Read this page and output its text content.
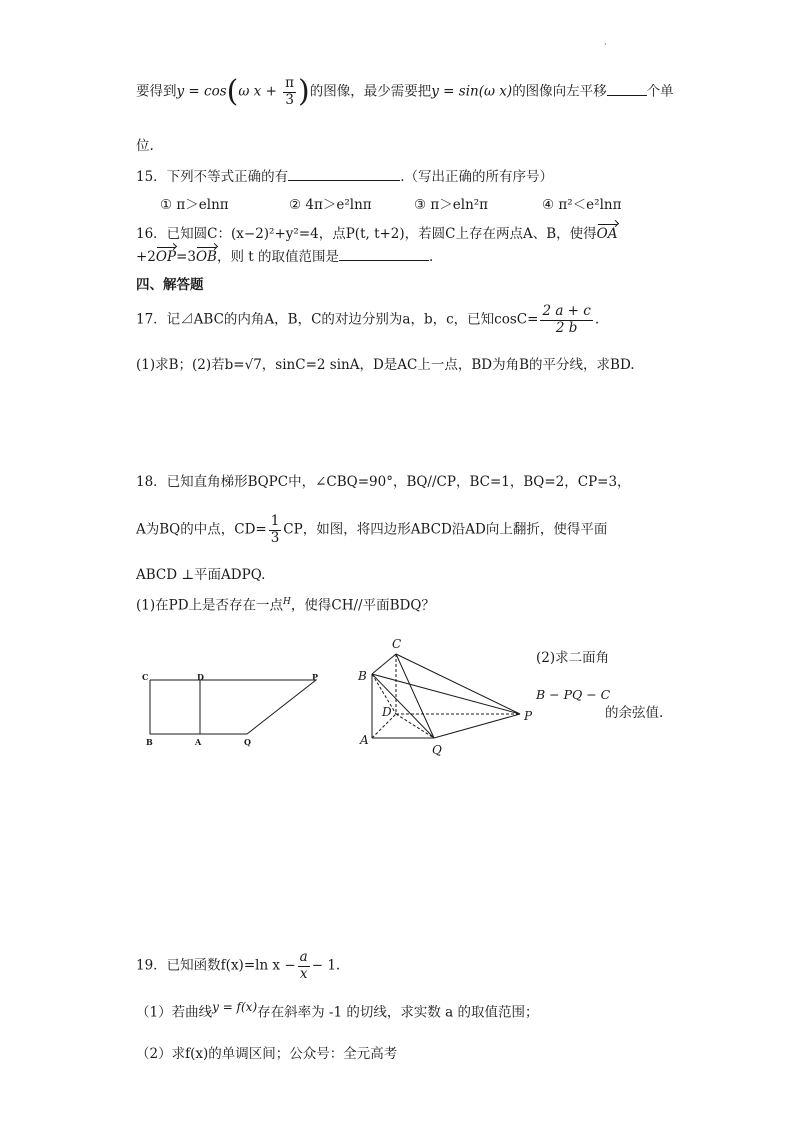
·
要得到y = cos(ω $x + \frac{\pi}{3}$ )的图像，最少需要把y = sin(ω x)的图像向左平移	个单
位.
15．下列不等式正确的有	.（写出正确的所有序号）
① π＞elnπ	② 4π＞e²lnπ	③ π＞eln²π	④ π²＜e²lnπ
16．已知圆C：(x−2)²+y²=4，点P(t, t+2)，若圆C上存在两点A、B，使得OA
+2OP=3OB，则 t 的取值范围是	.
四、解答题
17．记⊿ABC的内角A，B，C的对边分别为a，b，c，已知$\cos C= \frac{2 a + c}{2 b}$ .
(1)求B；(2)若b=√7，sinC=2 sinA，D是AC上一点，BD为角B的平分线，求BD.
18．已知直角梯形BQPC中，∠CBQ=90°，BQ//CP，BC=1，BQ=2，CP=3，
A为BQ的中点，$CD= \frac{1}{3}$ CP，如图，将四边形ABCD沿AD向上翻折，使得平面
ABCD ⊥平面ADPQ.
(1)在PD上是否存在一点$^H$，使得CH//平面BDQ？
C	D	P
B	A	Q
C
B
D	P
A
Q
(2)求二面角
B − PQ − C
的余弦值.
19．已知函数f(x)=ln $x - \frac{a}{x} - 1$.
（1）若曲线$^{y = f(x)}$存在斜率为 -1 的切线，求实数 a 的取值范围；
（2）求f(x)的单调区间；公众号：全元高考
